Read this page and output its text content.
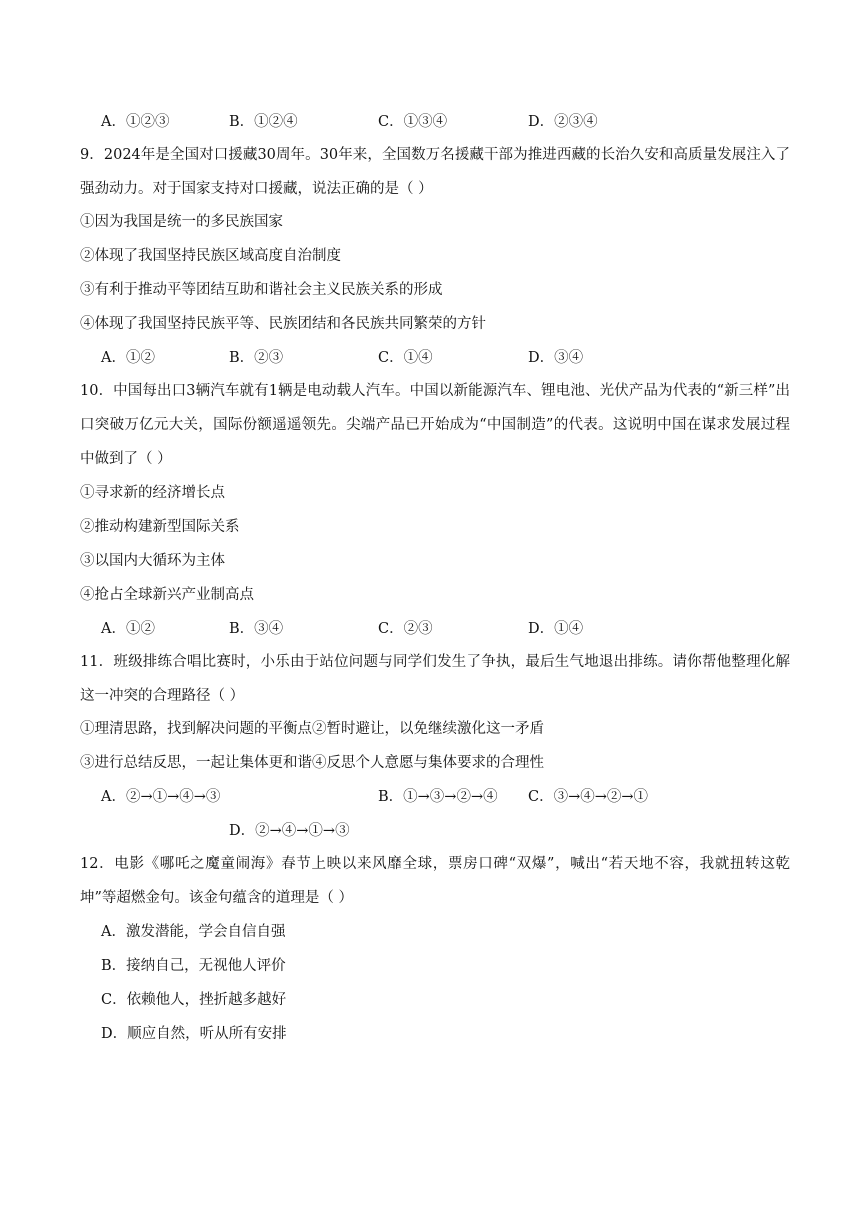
A．①②③	B．①②④	C．①③④	D．②③④
9．2024年是全国对口援藏30周年。30年来，全国数万名援藏干部为推进西藏的长治久安和高质量发展注入了强劲动力。对于国家支持对口援藏，说法正确的是（ ）
①因为我国是统一的多民族国家
②体现了我国坚持民族区域高度自治制度
③有利于推动平等团结互助和谐社会主义民族关系的形成
④体现了我国坚持民族平等、民族团结和各民族共同繁荣的方针
A．①②	B．②③	C．①④	D．③④
10．中国每出口3辆汽车就有1辆是电动载人汽车。中国以新能源汽车、锂电池、光伏产品为代表的“新三样”出口突破万亿元大关，国际份额遥遥领先。尖端产品已开始成为“中国制造”的代表。这说明中国在谋求发展过程中做到了（ ）
①寻求新的经济增长点
②推动构建新型国际关系
③以国内大循环为主体
④抢占全球新兴产业制高点
A．①②	B．③④	C．②③	D．①④
11．班级排练合唱比赛时，小乐由于站位问题与同学们发生了争执，最后生气地退出排练。请你帮他整理化解这一冲突的合理路径（ ）
①理清思路，找到解决问题的平衡点②暂时避让，以免继续激化这一矛盾
③进行总结反思，一起让集体更和谐④反思个人意愿与集体要求的合理性
A．②→①→④→③	B．①→③→②→④ C．③→④→②→①
D．②→④→①→③
12．电影《哪吒之魔童闹海》春节上映以来风靡全球，票房口碑“双爆”，喊出“若天地不容，我就扭转这乾坤”等超燃金句。该金句蕴含的道理是（ ）
A．激发潜能，学会自信自强
B．接纳自己，无视他人评价
C．依赖他人，挫折越多越好
D．顺应自然，听从所有安排
